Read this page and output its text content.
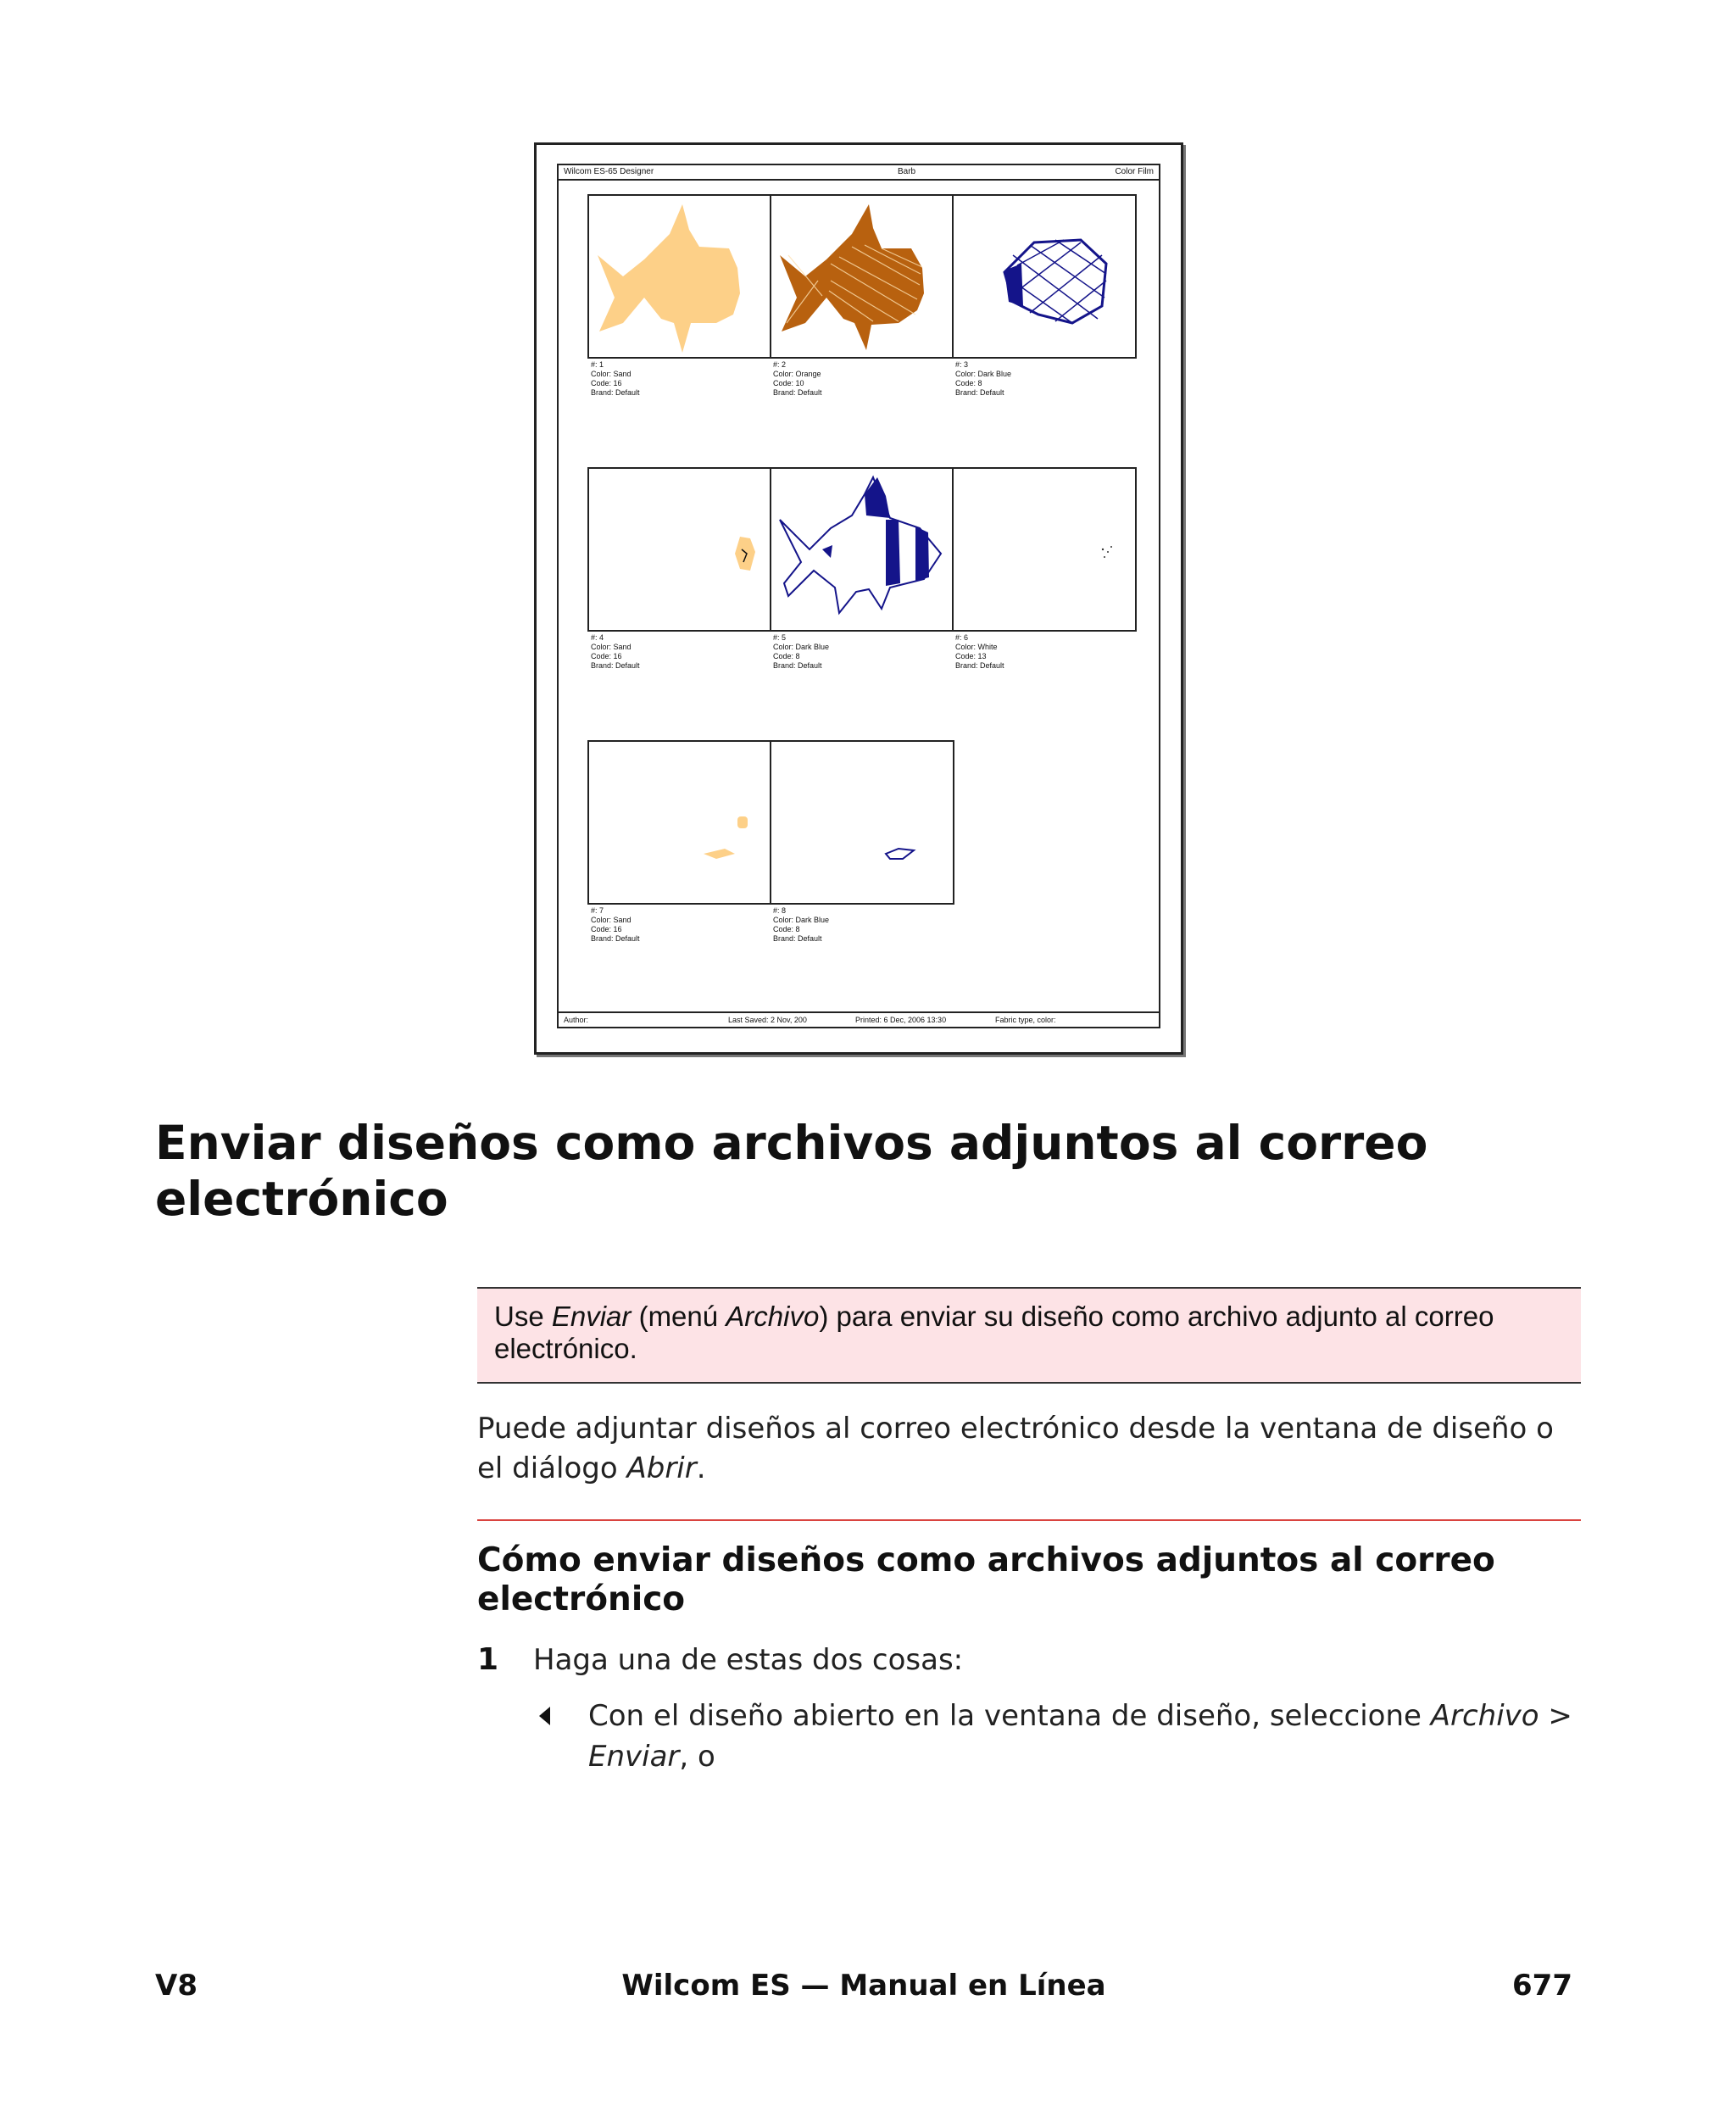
Wilcom ES-65 Designer	Barb	Color Film
#: 1
Color: Sand
Code: 16
Brand: Default
#: 2
Color: Orange
Code: 10
Brand: Default
#: 3
Color: Dark Blue
Code: 8
Brand: Default
#: 4
Color: Sand
Code: 16
Brand: Default
#: 5
Color: Dark Blue
Code: 8
Brand: Default
#: 6
Color: White
Code: 13
Brand: Default
#: 7
Color: Sand
Code: 16
Brand: Default
#: 8
Color: Dark Blue
Code: 8
Brand: Default
Author:	Last Saved: 2 Nov, 200	Printed: 6 Dec, 2006 13:30	Fabric type, color:
Enviar diseños como archivos adjuntos al correo electrónico

Use Enviar (menú Archivo) para enviar su diseño como archivo adjunto al correo electrónico.

Puede adjuntar diseños al correo electrónico desde la ventana de diseño o el diálogo Abrir.

Cómo enviar diseños como archivos adjuntos al correo electrónico
1 Haga una de estas dos cosas:

Con el diseño abierto en la ventana de diseño, seleccione Archivo > Enviar, o

V8	Wilcom ES — Manual en Línea	677
